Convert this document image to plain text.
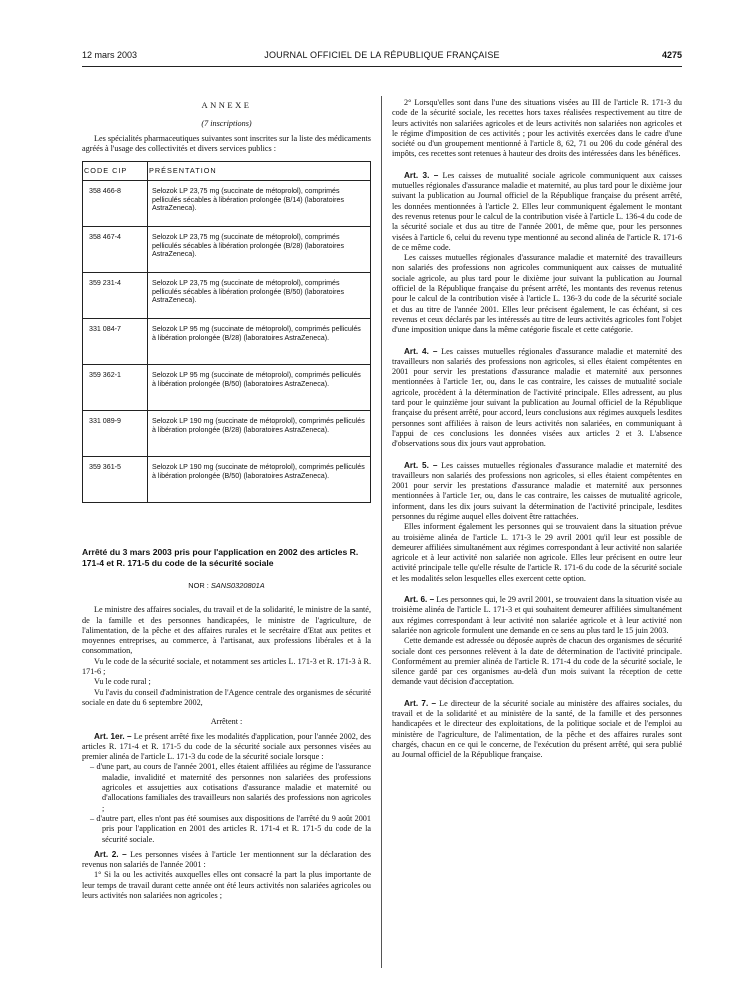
12 mars 2003	JOURNAL OFFICIEL DE LA RÉPUBLIQUE FRANÇAISE	4275

ANNEXE

(7 inscriptions)

Les spécialités pharmaceutiques suivantes sont inscrites sur la liste des médicaments agréés à l'usage des collectivités et divers services publics :

CODE CIP	PRÉSENTATION
358 466-8	Selozok LP 23,75 mg (succinate de métoprolol), comprimés pelliculés sécables à libération prolongée (B/14) (laboratoires AstraZeneca).
358 467-4	Selozok LP 23,75 mg (succinate de métoprolol), comprimés pelliculés sécables à libération prolongée (B/28) (laboratoires AstraZeneca).
359 231-4	Selozok LP 23,75 mg (succinate de métoprolol), comprimés pelliculés sécables à libération prolongée (B/50) (laboratoires AstraZeneca).
331 084-7	Selozok LP 95 mg (succinate de métoprolol), comprimés pelliculés à libération prolongée (B/28) (laboratoires AstraZeneca).
359 362-1	Selozok LP 95 mg (succinate de métoprolol), comprimés pelliculés à libération prolongée (B/50) (laboratoires AstraZeneca).
331 089-9	Selozok LP 190 mg (succinate de métoprolol), comprimés pelliculés à libération prolongée (B/28) (laboratoires AstraZeneca).
359 361-5	Selozok LP 190 mg (succinate de métoprolol), comprimés pelliculés à libération prolongée (B/50) (laboratoires AstraZeneca).
Arrêté du 3 mars 2003 pris pour l'application en 2002 des articles R. 171-4 et R. 171-5 du code de la sécurité sociale

NOR : SANS0320801A

Le ministre des affaires sociales, du travail et de la solidarité, le ministre de la santé, de la famille et des personnes handicapées, le ministre de l'agriculture, de l'alimentation, de la pêche et des affaires rurales et le secrétaire d'Etat aux petites et moyennes entreprises, au commerce, à l'artisanat, aux professions libérales et à la consommation,

Vu le code de la sécurité sociale, et notamment ses articles L. 171-3 et R. 171-3 à R. 171-6 ;

Vu le code rural ;

Vu l'avis du conseil d'administration de l'Agence centrale des organismes de sécurité sociale en date du 6 septembre 2002,

Arrêtent :

Art. 1er. – Le présent arrêté fixe les modalités d'application, pour l'année 2002, des articles R. 171-4 et R. 171-5 du code de la sécurité sociale aux personnes visées au premier alinéa de l'article L. 171-3 du code de la sécurité sociale lorsque :

– d'une part, au cours de l'année 2001, elles étaient affiliées au régime de l'assurance maladie, invalidité et maternité des personnes non salariées des professions agricoles et assujetties aux cotisations d'assurance maladie et maternité ou d'allocations familiales des travailleurs non salariés des professions non agricoles ;

– d'autre part, elles n'ont pas été soumises aux dispositions de l'arrêté du 9 août 2001 pris pour l'application en 2001 des articles R. 171-4 et R. 171-5 du code de la sécurité sociale.

Art. 2. – Les personnes visées à l'article 1er mentionnent sur la déclaration des revenus non salariés de l'année 2001 :

1° Si la ou les activités auxquelles elles ont consacré la part la plus importante de leur temps de travail durant cette année ont été leurs activités non salariées agricoles ou leurs activités non salariées non agricoles ;

2° Lorsqu'elles sont dans l'une des situations visées au III de l'article R. 171-3 du code de la sécurité sociale, les recettes hors taxes réalisées respectivement au titre de leurs activités non salariées agricoles et de leurs activités non salariées non agricoles et le régime d'imposition de ces activités ; pour les activités exercées dans le cadre d'une société ou d'un groupement mentionné à l'article 8, 62, 71 ou 206 du code général des impôts, ces recettes sont retenues à hauteur des droits des intéressées dans les bénéfices.

Art. 3. – Les caisses de mutualité sociale agricole communiquent aux caisses mutuelles régionales d'assurance maladie et maternité, au plus tard pour le dixième jour suivant la publication au Journal officiel de la République française du présent arrêté, les données mentionnées à l'article 2. Elles leur communiquent également le montant des revenus retenus pour le calcul de la contribution visée à l'article L. 136-4 du code de la sécurité sociale et dus au titre de l'année 2001, de même que, pour les personnes visées à l'article 6, celui du revenu type mentionné au second alinéa de l'article R. 171-6 de ce même code.

Les caisses mutuelles régionales d'assurance maladie et maternité des travailleurs non salariés des professions non agricoles communiquent aux caisses de mutualité sociale agricole, au plus tard pour le dixième jour suivant la publication au Journal officiel de la République française du présent arrêté, les montants des revenus retenus pour le calcul de la contribution visée à l'article L. 136-3 du code de la sécurité sociale et dus au titre de l'année 2001. Elles leur précisent également, le cas échéant, si ces revenus et ceux déclarés par les intéressés au titre de leurs activités agricoles font l'objet d'une imposition unique dans la même catégorie fiscale et cette catégorie.

Art. 4. – Les caisses mutuelles régionales d'assurance maladie et maternité des travailleurs non salariés des professions non agricoles, si elles étaient compétentes en 2001 pour servir les prestations d'assurance maladie et maternité aux personnes mentionnées à l'article 1er, ou, dans le cas contraire, les caisses de mutualité sociale agricole, procèdent à la détermination de l'activité principale. Elles adressent, au plus tard pour le quinzième jour suivant la publication au Journal officiel de la République française du présent arrêté, pour accord, leurs conclusions aux régimes auxquels lesdites personnes sont affiliées à raison de leurs activités non salariées, en communiquant à l'appui de ces conclusions les données visées aux articles 2 et 3. L'absence d'observations sous dix jours vaut approbation.

Art. 5. – Les caisses mutuelles régionales d'assurance maladie et maternité des travailleurs non salariés des professions non agricoles, si elles étaient compétentes en 2001 pour servir les prestations d'assurance maladie et maternité aux personnes mentionnées à l'article 1er, ou, dans le cas contraire, les caisses de mutualité agricole, informent, dans les dix jours suivant la détermination de l'activité principale, lesdites personnes du régime auquel elles doivent être rattachées.

Elles informent également les personnes qui se trouvaient dans la situation prévue au troisième alinéa de l'article L. 171-3 le 29 avril 2001 qu'il leur est possible de demeurer affiliées simultanément aux régimes correspondant à leur activité non salariée agricole et à leur activité non salariée non agricole. Elles leur précisent en outre leur activité principale telle qu'elle résulte de l'article R. 171-6 du code de la sécurité sociale et les modalités selon lesquelles elles exercent cette option.

Art. 6. – Les personnes qui, le 29 avril 2001, se trouvaient dans la situation visée au troisième alinéa de l'article L. 171-3 et qui souhaitent demeurer affiliées simultanément aux régimes correspondant à leur activité non salariée agricole et à leur activité non salariée non agricole formulent une demande en ce sens au plus tard le 15 juin 2003.

Cette demande est adressée ou déposée auprès de chacun des organismes de sécurité sociale dont ces personnes relèvent à la date de détermination de l'activité principale. Conformément au premier alinéa de l'article R. 171-4 du code de la sécurité sociale, le silence gardé par ces organismes au-delà d'un mois suivant la réception de cette demande vaut décision d'acceptation.

Art. 7. – Le directeur de la sécurité sociale au ministère des affaires sociales, du travail et de la solidarité et au ministère de la santé, de la famille et des personnes handicapées et le directeur des exploitations, de la politique sociale et de l'emploi au ministère de l'agriculture, de l'alimentation, de la pêche et des affaires rurales sont chargés, chacun en ce qui le concerne, de l'exécution du présent arrêté, qui sera publié au Journal officiel de la République française.
